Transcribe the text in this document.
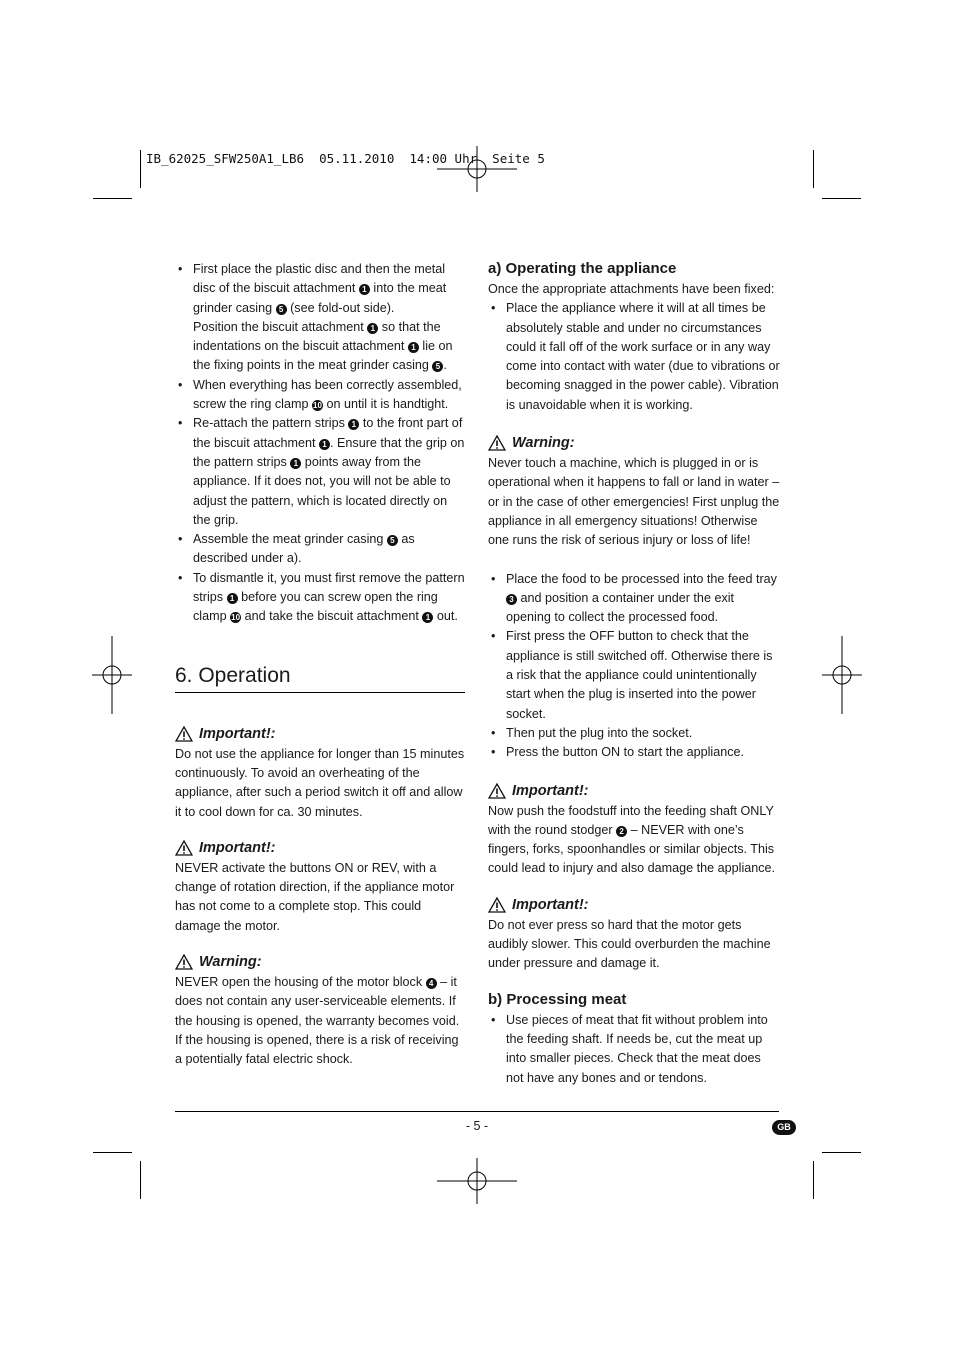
IB_62025_SFW250A1_LB6  05.11.2010  14:00 Uhr  Seite 5
• First place the plastic disc and then the metal disc of the biscuit attachment 1 into the meat grinder casing 5 (see fold-out side).
Position the biscuit attachment 1 so that the indentations on the biscuit attachment 1 lie on the fixing points in the meat grinder casing 5 .
• When everything has been correctly assembled, screw the ring clamp 10 on until it is handtight.
• Re-attach the pattern strips 1 to the front part of the biscuit attachment 1 . Ensure that the grip on the pattern strips 1 points away from the appliance. If it does not, you will not be able to adjust the pattern, which is located directly on the grip.
• Assemble the meat grinder casing 5 as described under a).
• To dismantle it, you must first remove the pattern strips 1 before you can screw open the ring clamp 10 and take the biscuit attachment 1 out.
6. Operation
Important!:

Do not use the appliance for longer than 15 minutes continuously. To avoid an overheating of the appliance, after such a period switch it off and allow it to cool down for ca. 30 minutes.

Important!:

NEVER activate the buttons ON or REV, with a change of rotation direction, if the appliance motor has not come to a complete stop. This could damage the motor.

Warning:

NEVER open the housing of the motor block 4 – it does not contain any user-serviceable elements. If the housing is opened, the warranty becomes void. If the housing is opened, there is a risk of receiving a potentially fatal electric shock.

a) Operating the appliance

Once the appropriate attachments have been fixed:

• Place the appliance where it will at all times be absolutely stable and under no circumstances could it fall off of the work surface or in any way come into contact with water (due to vibrations or becoming snagged in the power cable). Vibration is unavoidable when it is working.
Warning:

Never touch a machine, which is plugged in or is operational when it happens to fall or land in water – or in the case of other emergencies! First unplug the appliance in all emergency situations! Otherwise one runs the risk of serious injury or loss of life!

• Place the food to be processed into the feed tray 3 and position a container under the exit opening to collect the processed food.
• First press the OFF button to check that the appliance is still switched off. Otherwise there is a risk that the appliance could unintentionally start when the plug is inserted into the power socket.
• Then put the plug into the socket.
• Press the button ON to start the appliance.
Important!:

Now push the foodstuff into the feeding shaft ONLY with the round stodger 2 – NEVER with one’s fingers, forks, spoonhandles or similar objects. This could lead to injury and also damage the appliance.

Important!:

Do not ever press so hard that the motor gets audibly slower. This could overburden the machine under pressure and damage it.

b) Processing meat
• Use pieces of meat that fit without problem into the feeding shaft. If needs be, cut the meat up into smaller pieces. Check that the meat does not have any bones and or tendons.
- 5 -	GB
